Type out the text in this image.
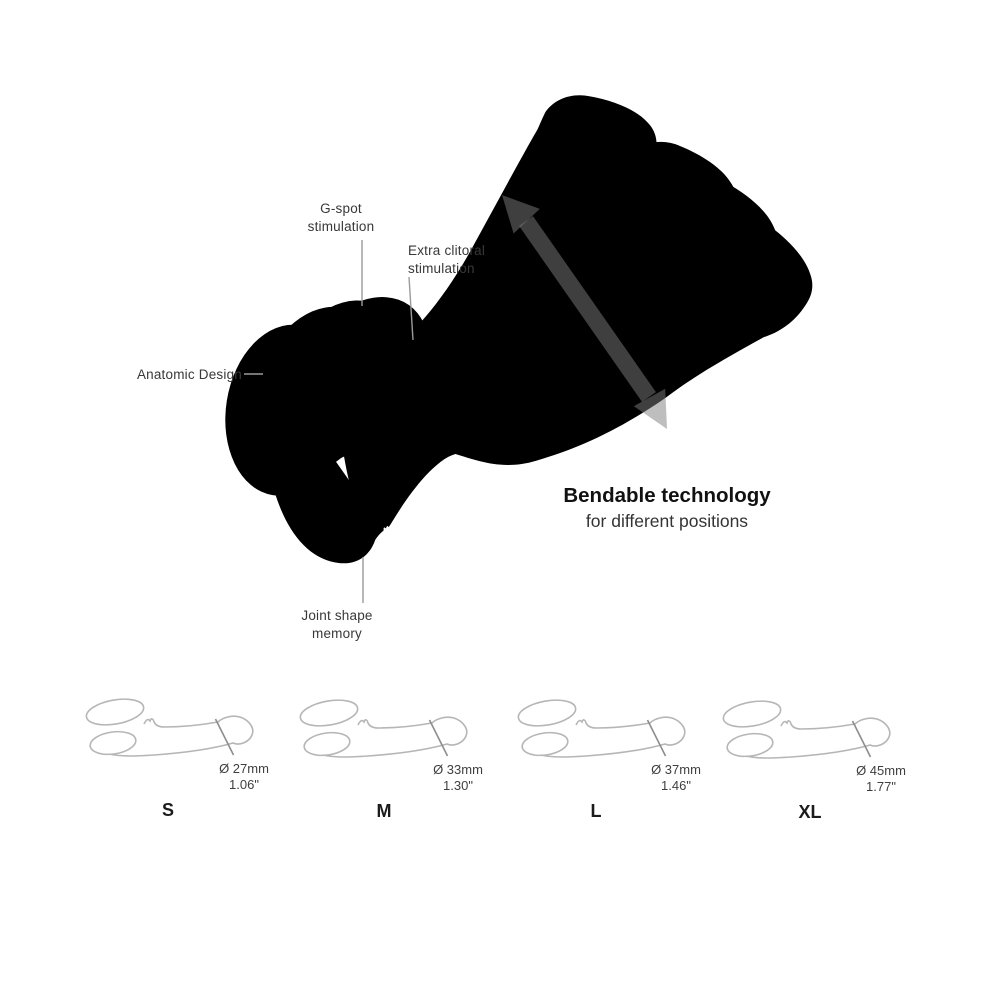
G-spot
stimulation
Extra clitoral
stimulation
Anatomic Design
Joint shape
memory
Bendable technology
for different positions
Ø 27mm
1.06"
S
Ø 33mm
1.30"
M
Ø 37mm
1.46"
L
Ø 45mm
1.77"
XL
